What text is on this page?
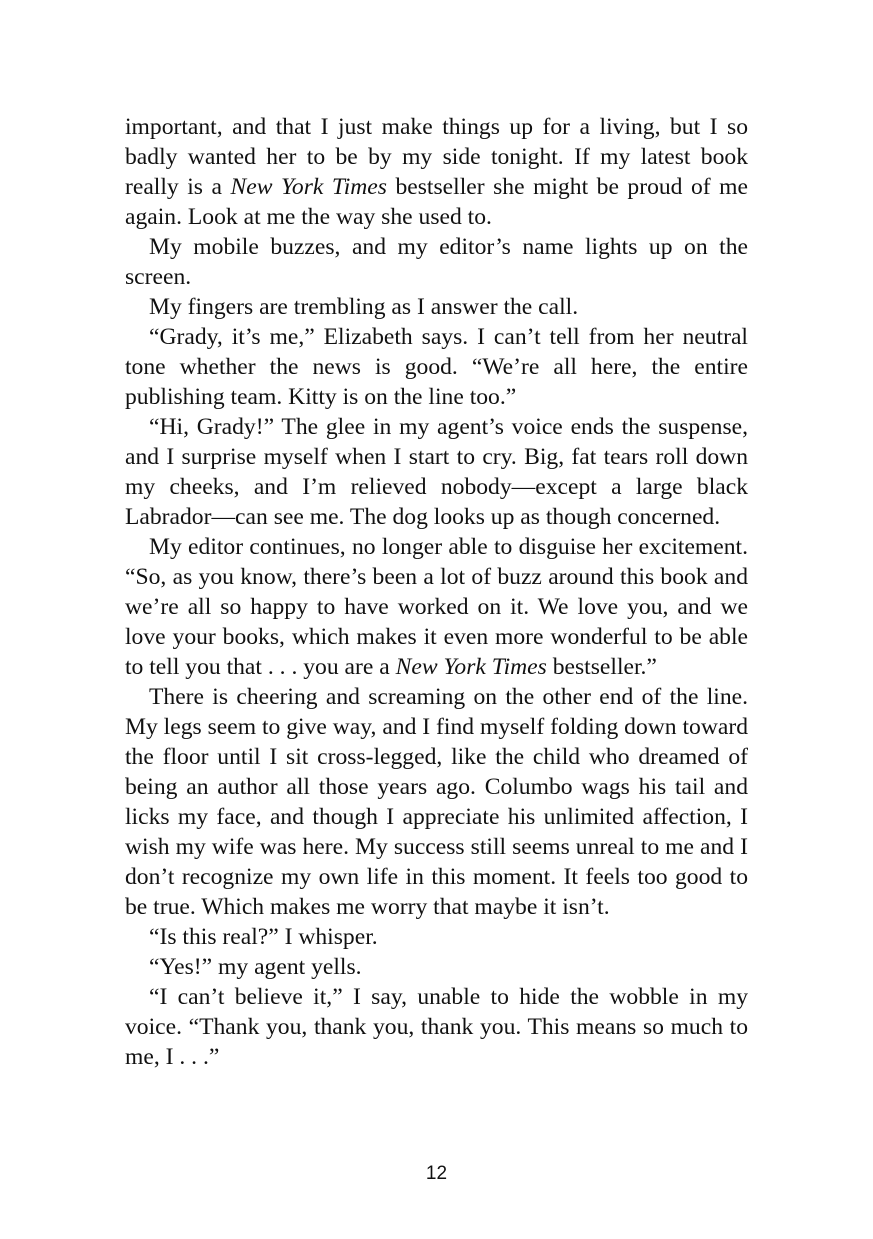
important, and that I just make things up for a living, but I so badly wanted her to be by my side tonight. If my latest book really is a New York Times bestseller she might be proud of me again. Look at me the way she used to.

My mobile buzzes, and my editor’s name lights up on the screen.

My fingers are trembling as I answer the call.

“Grady, it’s me,” Elizabeth says. I can’t tell from her neutral tone whether the news is good. “We’re all here, the entire publishing team. Kitty is on the line too.”

“Hi, Grady!” The glee in my agent’s voice ends the suspense, and I surprise myself when I start to cry. Big, fat tears roll down my cheeks, and I’m relieved nobody—except a large black Labrador—can see me. The dog looks up as though concerned.

My editor continues, no longer able to disguise her excitement. “So, as you know, there’s been a lot of buzz around this book and we’re all so happy to have worked on it. We love you, and we love your books, which makes it even more wonderful to be able to tell you that . . . you are a New York Times bestseller.”

There is cheering and screaming on the other end of the line. My legs seem to give way, and I find myself folding down toward the floor until I sit cross-legged, like the child who dreamed of being an author all those years ago. Columbo wags his tail and licks my face, and though I appreciate his unlimited affection, I wish my wife was here. My success still seems unreal to me and I don’t recognize my own life in this moment. It feels too good to be true. Which makes me worry that maybe it isn’t.

“Is this real?” I whisper.

“Yes!” my agent yells.

“I can’t believe it,” I say, unable to hide the wobble in my voice. “Thank you, thank you, thank you. This means so much to me, I . . .”

12
